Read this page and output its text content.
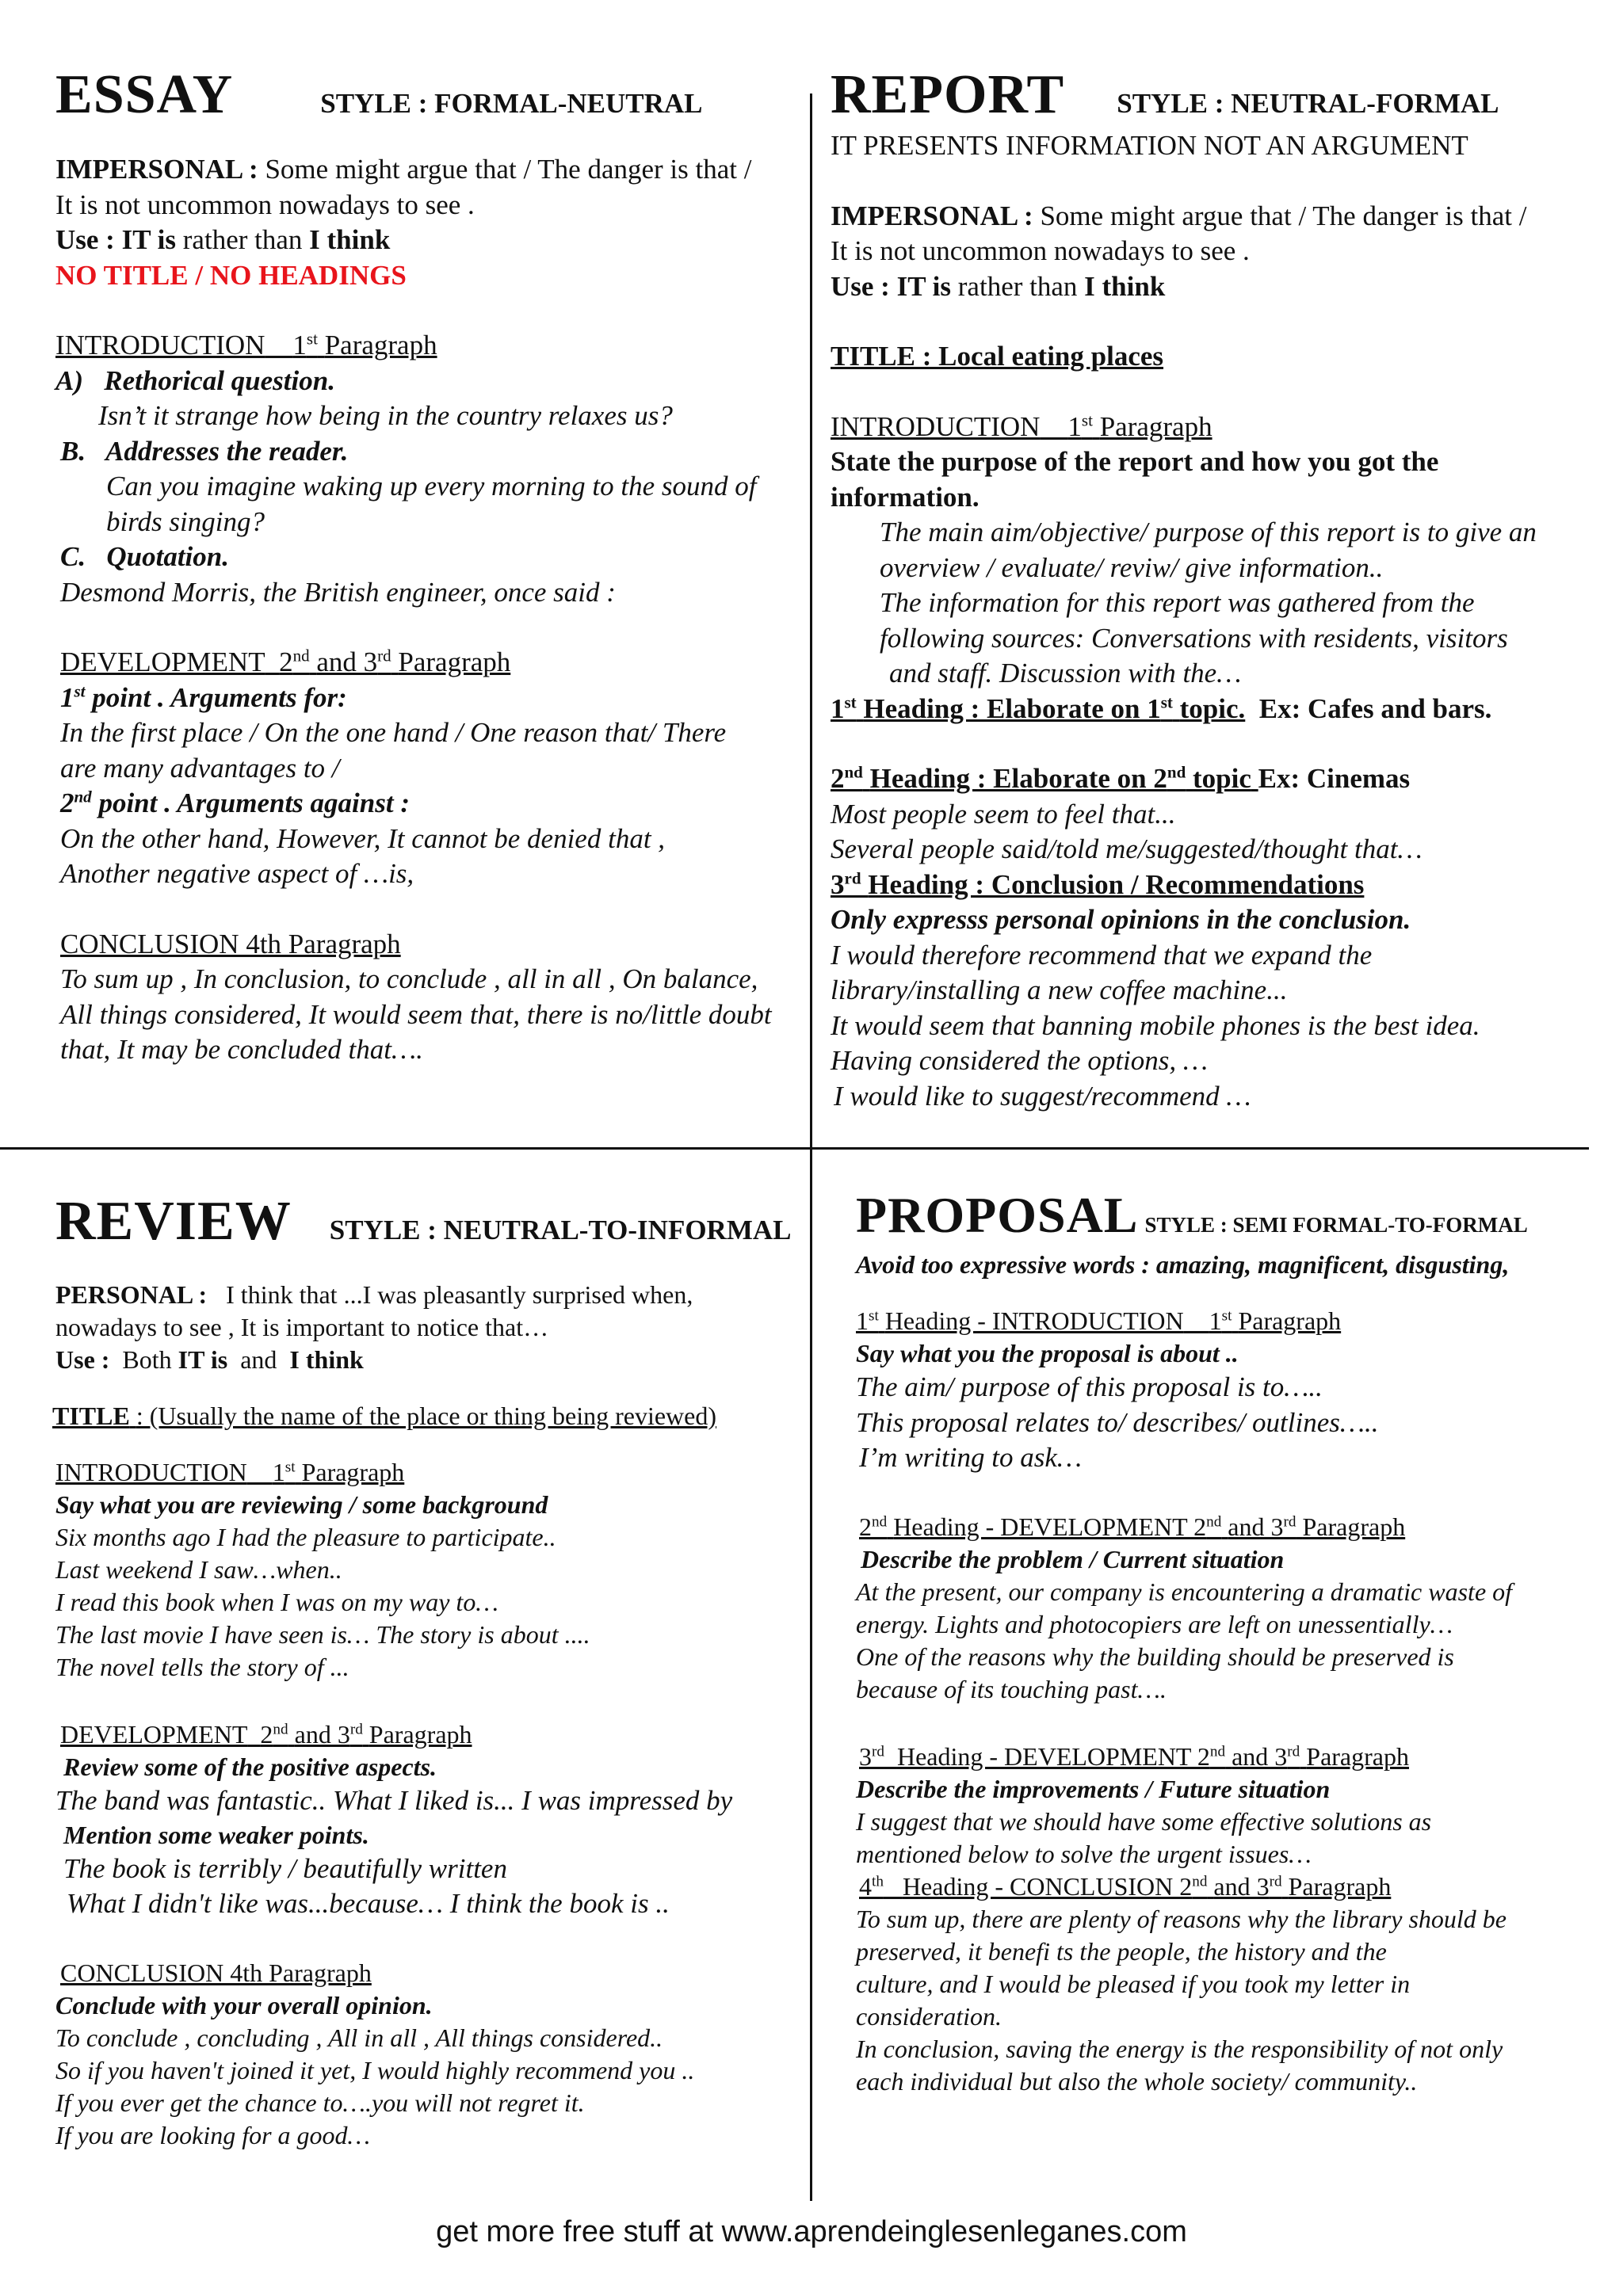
ESSAY	STYLE : FORMAL-NEUTRAL
IMPERSONAL : Some might argue that / The danger is that /
It is not uncommon nowadays to see .
Use : IT is rather than I think
NO TITLE / NO HEADINGS
INTRODUCTION 1st Paragraph
A) Rethorical question.
Isn’t it strange how being in the country relaxes us?
B. Addresses the reader.
Can you imagine waking up every morning to the sound of
birds singing?
C. Quotation.
Desmond Morris, the British engineer, once said :
DEVELOPMENT 2nd and 3rd Paragraph
1st point . Arguments for:
In the first place / On the one hand / One reason that/ There
are many advantages to /
2nd point . Arguments against :
On the other hand, However, It cannot be denied that ,
Another negative aspect of …is,
CONCLUSION 4th Paragraph
To sum up , In conclusion, to conclude , all in all , On balance,
All things considered, It would seem that, there is no/little doubt
that, It may be concluded that….
REPORT STYLE : NEUTRAL-FORMAL
IT PRESENTS INFORMATION NOT AN ARGUMENT
IMPERSONAL : Some might argue that / The danger is that /
It is not uncommon nowadays to see .
Use : IT is rather than I think
TITLE : Local eating places
INTRODUCTION 1st Paragraph
State the purpose of the report and how you got the
information.
The main aim/objective/ purpose of this report is to give an
overview / evaluate/ reviw/ give information..
The information for this report was gathered from the
following sources: Conversations with residents, visitors
and staff. Discussion with the…
1st Heading : Elaborate on 1st topic. Ex: Cafes and bars.
2nd Heading : Elaborate on 2nd topic Ex: Cinemas
Most people seem to feel that...
Several people said/told me/suggested/thought that…
3rd Heading : Conclusion / Recommendations
Only expresss personal opinions in the conclusion.
I would therefore recommend that we expand the
library/installing a new coffee machine...
It would seem that banning mobile phones is the best idea.
Having considered the options, …
I would like to suggest/recommend …
REVIEW STYLE : NEUTRAL-TO-INFORMAL
PERSONAL : I think that ...I was pleasantly surprised when,
nowadays to see , It is important to notice that…
Use : Both IT is and I think
TITLE : (Usually the name of the place or thing being reviewed)
INTRODUCTION 1st Paragraph
Say what you are reviewing / some background
Six months ago I had the pleasure to participate..
Last weekend I saw…when..
I read this book when I was on my way to…
The last movie I have seen is… The story is about ....
The novel tells the story of ...
DEVELOPMENT 2nd and 3rd Paragraph
Review some of the positive aspects.
The band was fantastic.. What I liked is... I was impressed by
Mention some weaker points.
The book is terribly / beautifully written
What I didn't like was...because… I think the book is ..
CONCLUSION 4th Paragraph
Conclude with your overall opinion.
To conclude , concluding , All in all , All things considered..
So if you haven't joined it yet, I would highly recommend you ..
If you ever get the chance to….you will not regret it.
If you are looking for a good…
PROPOSAL STYLE : SEMI FORMAL-TO-FORMAL
Avoid too expressive words : amazing, magnificent, disgusting,
1st Heading - INTRODUCTION 1st Paragraph
Say what you the proposal is about ..
The aim/ purpose of this proposal is to…..
This proposal relates to/ describes/ outlines…..
I’m writing to ask…
2nd Heading - DEVELOPMENT 2nd and 3rd Paragraph
Describe the problem / Current situation
At the present, our company is encountering a dramatic waste of
energy. Lights and photocopiers are left on unessentially…
One of the reasons why the building should be preserved is
because of its touching past….
3rd Heading - DEVELOPMENT 2nd and 3rd Paragraph
Describe the improvements / Future situation
I suggest that we should have some effective solutions as
mentioned below to solve the urgent issues…
4th Heading - CONCLUSION 2nd and 3rd Paragraph
To sum up, there are plenty of reasons why the library should be
preserved, it benefi ts the people, the history and the
culture, and I would be pleased if you took my letter in
consideration.
In conclusion, saving the energy is the responsibility of not only
each individual but also the whole society/ community..
get more free stuff at www.aprendeinglesenleganes.com
